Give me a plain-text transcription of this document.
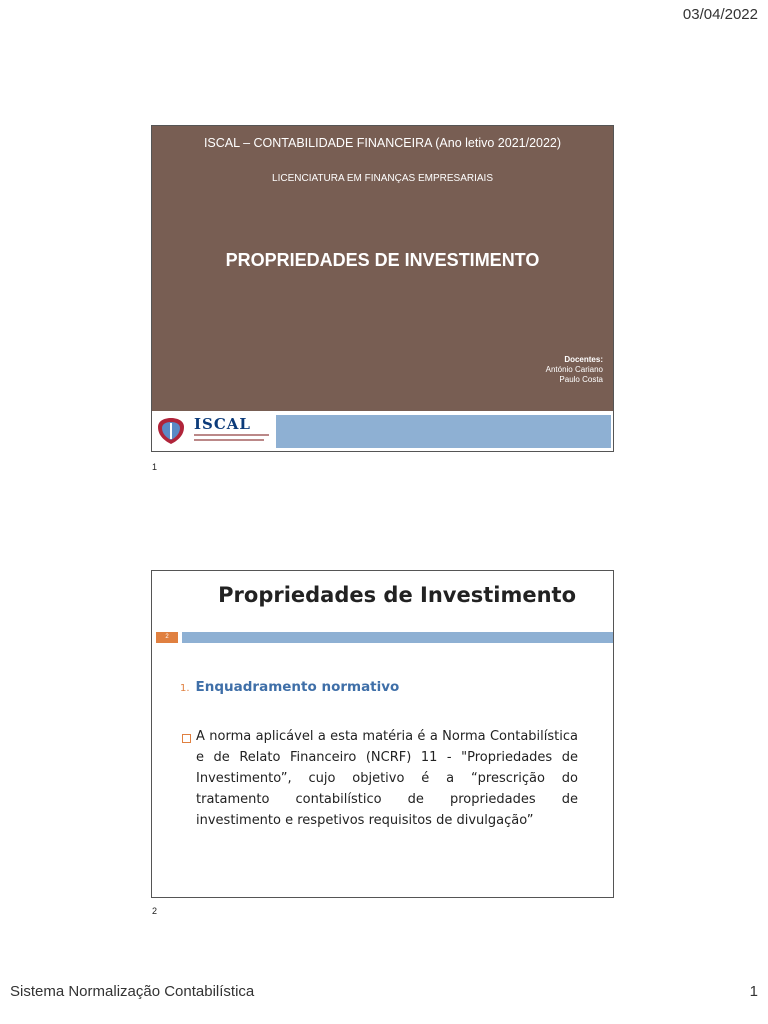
03/04/2022
ISCAL – CONTABILIDADE FINANCEIRA (Ano letivo 2021/2022)
LICENCIATURA EM FINANÇAS EMPRESARIAIS
PROPRIEDADES DE INVESTIMENTO
Docentes:
António Cariano
Paulo Costa
ISCAL
1
Propriedades de Investimento
2
1. Enquadramento normativo
A norma aplicável a esta matéria é a Norma Contabilística e de Relato Financeiro (NCRF) 11 - "Propriedades de Investimento”, cujo objetivo é a “prescrição do tratamento contabilístico de propriedades de investimento e respetivos requisitos de divulgação”
2
Sistema Normalização Contabilística	1
